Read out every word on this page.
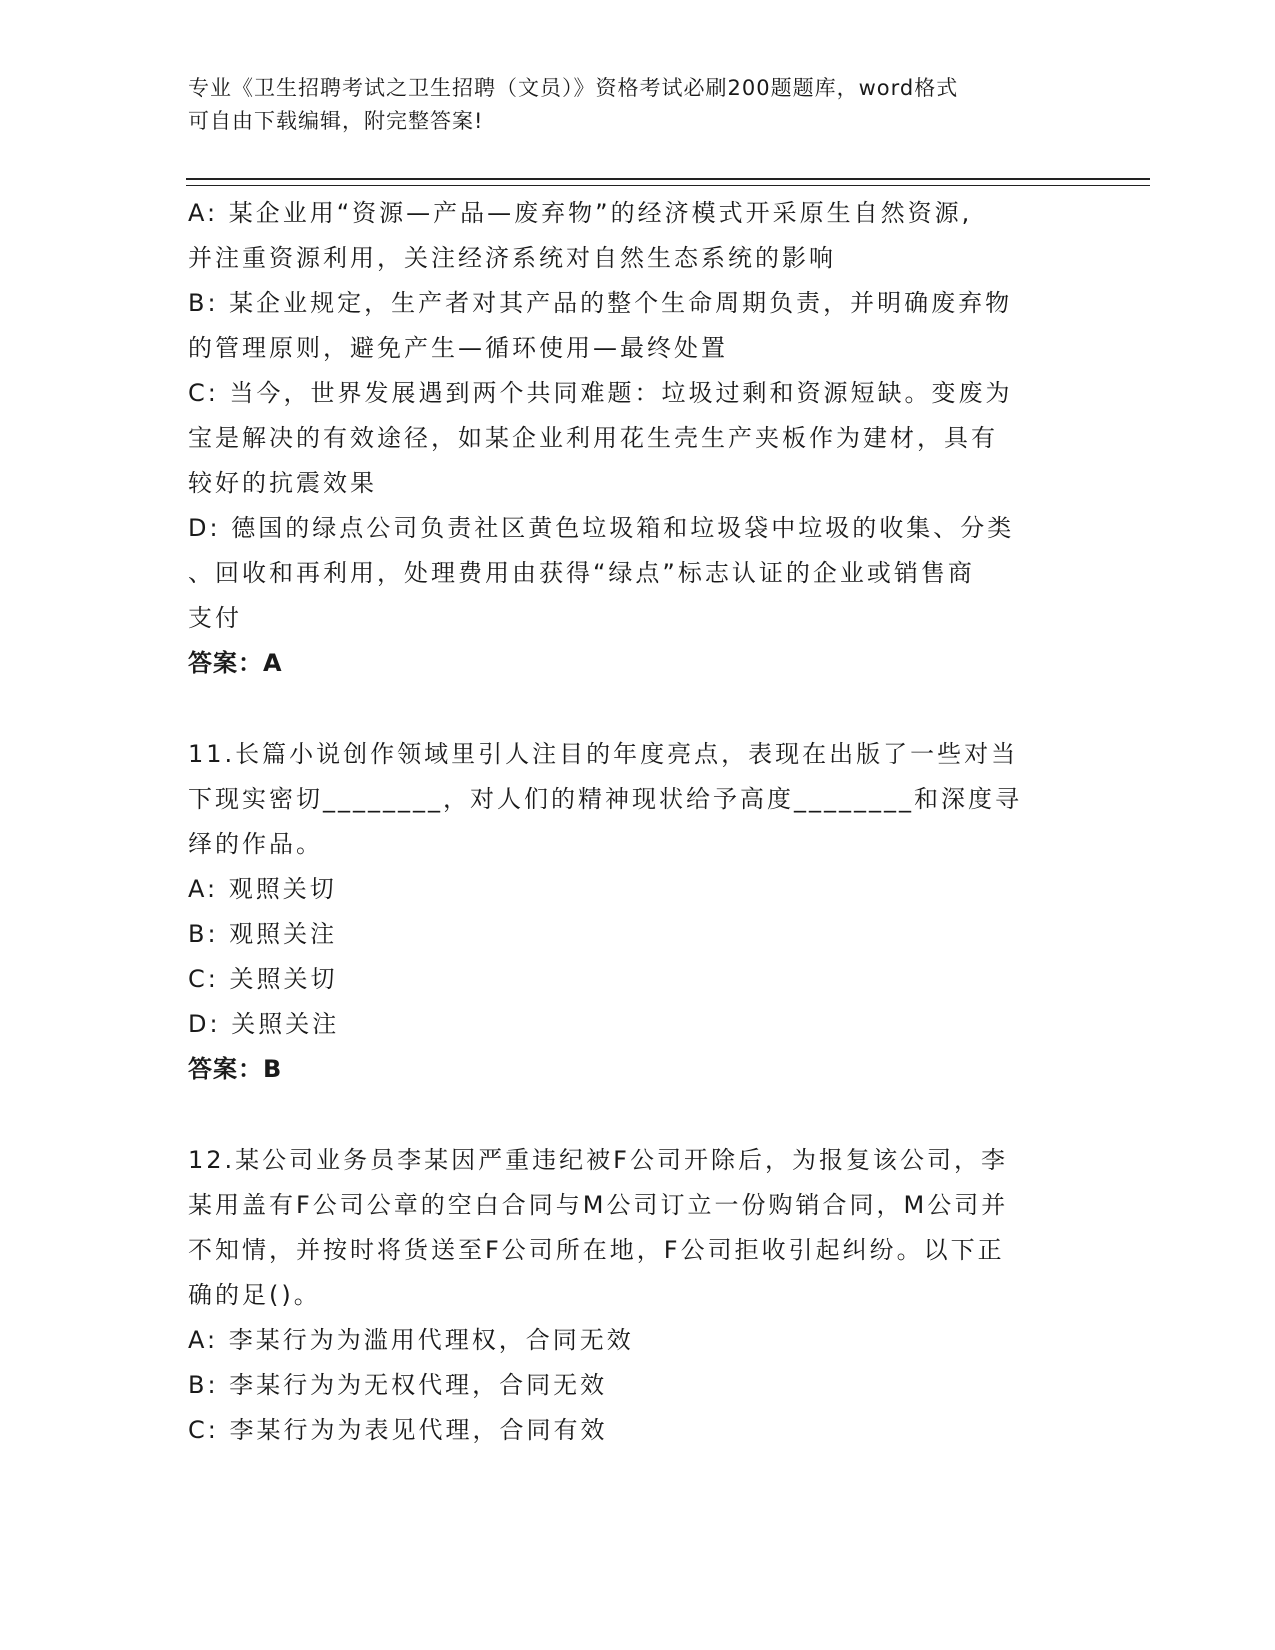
专业《卫生招聘考试之卫生招聘（文员）》资格考试必刷200题题库，word格式
可自由下载编辑，附完整答案!
A: 某企业用“资源—产品—废弃物”的经济模式开采原生自然资源,
并注重资源利用，关注经济系统对自然生态系统的影响
B: 某企业规定，生产者对其产品的整个生命周期负责，并明确废弃物
的管理原则，避免产生—循环使用—最终处置
C: 当今，世界发展遇到两个共同难题：垃圾过剩和资源短缺。变废为
宝是解决的有效途径，如某企业利用花生壳生产夹板作为建材，具有
较好的抗震效果
D: 德国的绿点公司负责社区黄色垃圾箱和垃圾袋中垃圾的收集、分类
、回收和再利用，处理费用由获得“绿点”标志认证的企业或销售商
支付
答案：A
11.长篇小说创作领域里引人注目的年度亮点，表现在出版了一些对当
下现实密切________，对人们的精神现状给予高度________和深度寻
绎的作品。
A: 观照关切
B: 观照关注
C: 关照关切
D: 关照关注
答案：B
12.某公司业务员李某因严重违纪被F公司开除后，为报复该公司，李
某用盖有F公司公章的空白合同与M公司订立一份购销合同，M公司并
不知情，并按时将货送至F公司所在地，F公司拒收引起纠纷。以下正
确的足()。
A: 李某行为为滥用代理权，合同无效
B: 李某行为为无权代理，合同无效
C: 李某行为为表见代理，合同有效
